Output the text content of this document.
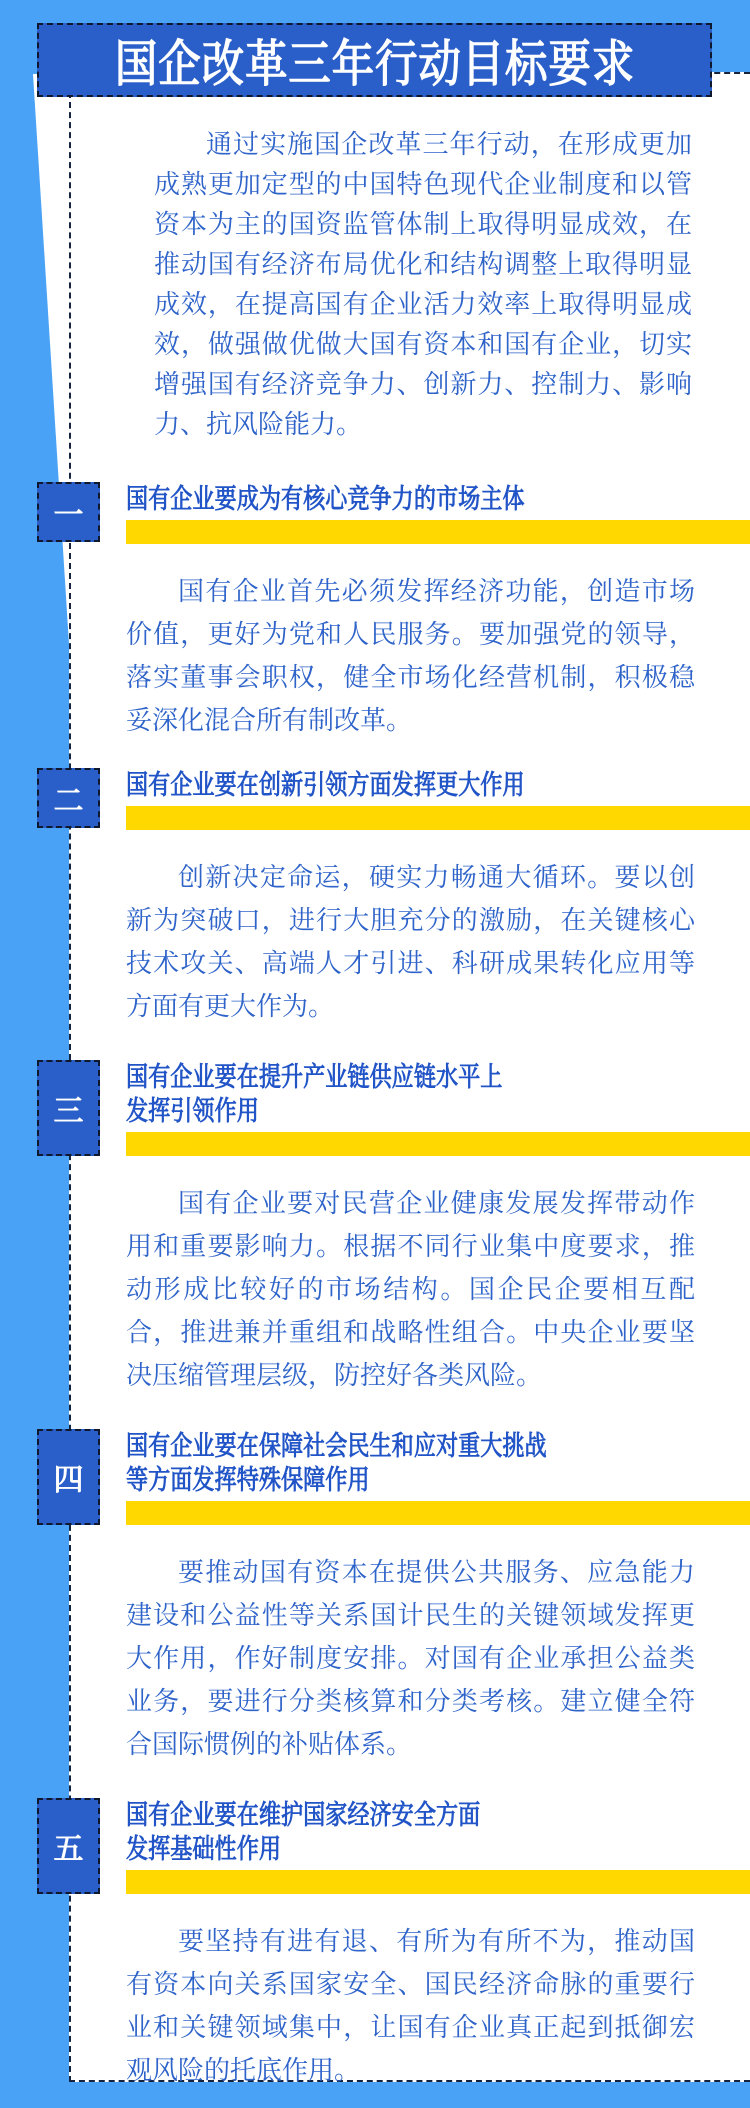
国企改革三年行动目标要求

通过实施国企改革三年行动，在形成更加成熟更加定型的中国特色现代企业制度和以管资本为主的国资监管体制上取得明显成效，在推动国有经济布局优化和结构调整上取得明显成效，在提高国有企业活力效率上取得明显成效，做强做优做大国有资本和国有企业，切实增强国有经济竞争力、创新力、控制力、影响力、抗风险能力。

一 国有企业要成为有核心竞争力的市场主体

国有企业首先必须发挥经济功能，创造市场价值，更好为党和人民服务。要加强党的领导，落实董事会职权，健全市场化经营机制，积极稳妥深化混合所有制改革。

二 国有企业要在创新引领方面发挥更大作用

创新决定命运，硬实力畅通大循环。要以创新为突破口，进行大胆充分的激励，在关键核心技术攻关、高端人才引进、科研成果转化应用等方面有更大作为。

三
国有企业要在提升产业链供应链水平上
发挥引领作用

国有企业要对民营企业健康发展发挥带动作用和重要影响力。根据不同行业集中度要求，推动形成比较好的市场结构。国企民企要相互配合，推进兼并重组和战略性组合。中央企业要坚决压缩管理层级，防控好各类风险。

四
国有企业要在保障社会民生和应对重大挑战
等方面发挥特殊保障作用

要推动国有资本在提供公共服务、应急能力建设和公益性等关系国计民生的关键领域发挥更大作用，作好制度安排。对国有企业承担公益类业务，要进行分类核算和分类考核。建立健全符合国际惯例的补贴体系。

五
国有企业要在维护国家经济安全方面
发挥基础性作用

要坚持有进有退、有所为有所不为，推动国有资本向关系国家安全、国民经济命脉的重要行业和关键领域集中，让国有企业真正起到抵御宏观风险的托底作用。
